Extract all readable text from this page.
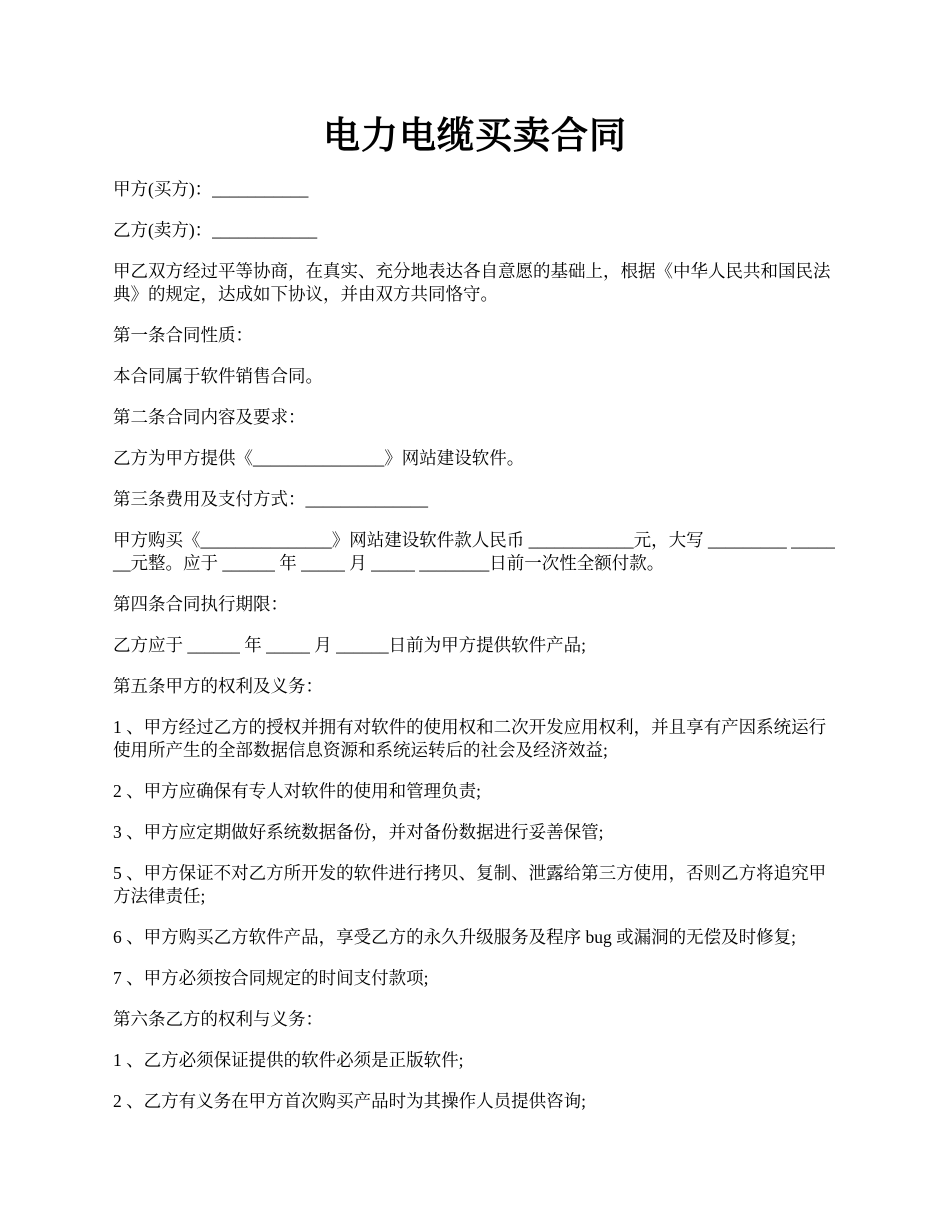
电力电缆买卖合同

甲方(买方)：___________

乙方(卖方)：____________

甲乙双方经过平等协商，在真实、充分地表达各自意愿的基础上，根据《中华人民共和国民法典》的规定，达成如下协议，并由双方共同恪守。

第一条合同性质：

本合同属于软件销售合同。

第二条合同内容及要求：

乙方为甲方提供《_______________》网站建设软件。

第三条费用及支付方式：______________

甲方购买《_______________》网站建设软件款人民币 ____________元，大写 _________ _______元整。应于 ______ 年 _____ 月 _____ ________日前一次性全额付款。

第四条合同执行期限：

乙方应于 ______ 年 _____ 月 ______日前为甲方提供软件产品;

第五条甲方的权利及义务：

1 、甲方经过乙方的授权并拥有对软件的使用权和二次开发应用权利，并且享有产因系统运行使用所产生的全部数据信息资源和系统运转后的社会及经济效益;

2 、甲方应确保有专人对软件的使用和管理负责;

3 、甲方应定期做好系统数据备份，并对备份数据进行妥善保管;

5 、甲方保证不对乙方所开发的软件进行拷贝、复制、泄露给第三方使用，否则乙方将追究甲方法律责任;

6 、甲方购买乙方软件产品，享受乙方的永久升级服务及程序 bug 或漏洞的无偿及时修复;

7 、甲方必须按合同规定的时间支付款项;

第六条乙方的权利与义务：

1 、乙方必须保证提供的软件必须是正版软件;

2 、乙方有义务在甲方首次购买产品时为其操作人员提供咨询;
